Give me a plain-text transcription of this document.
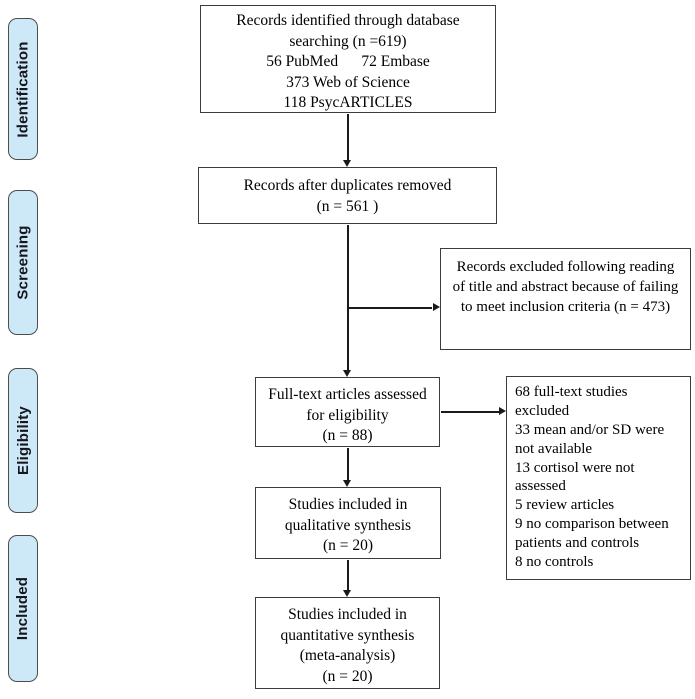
Identification
Screening
Eligibility
Included
Records identified through database
searching (n =619)
56 PubMed      72 Embase
373 Web of Science
118 PsycARTICLES
Records after duplicates removed
(n = 561 )
Records excluded following reading
of title and abstract because of failing
to meet inclusion criteria (n = 473)
Full-text articles assessed
for eligibility
(n = 88)
68 full-text studies
excluded
33 mean and/or SD were
not available
13 cortisol were not
assessed
5 review articles
9 no comparison between
patients and controls
8 no controls
Studies included in
qualitative synthesis
(n = 20)
Studies included in
quantitative synthesis
(meta-analysis)
(n = 20)
